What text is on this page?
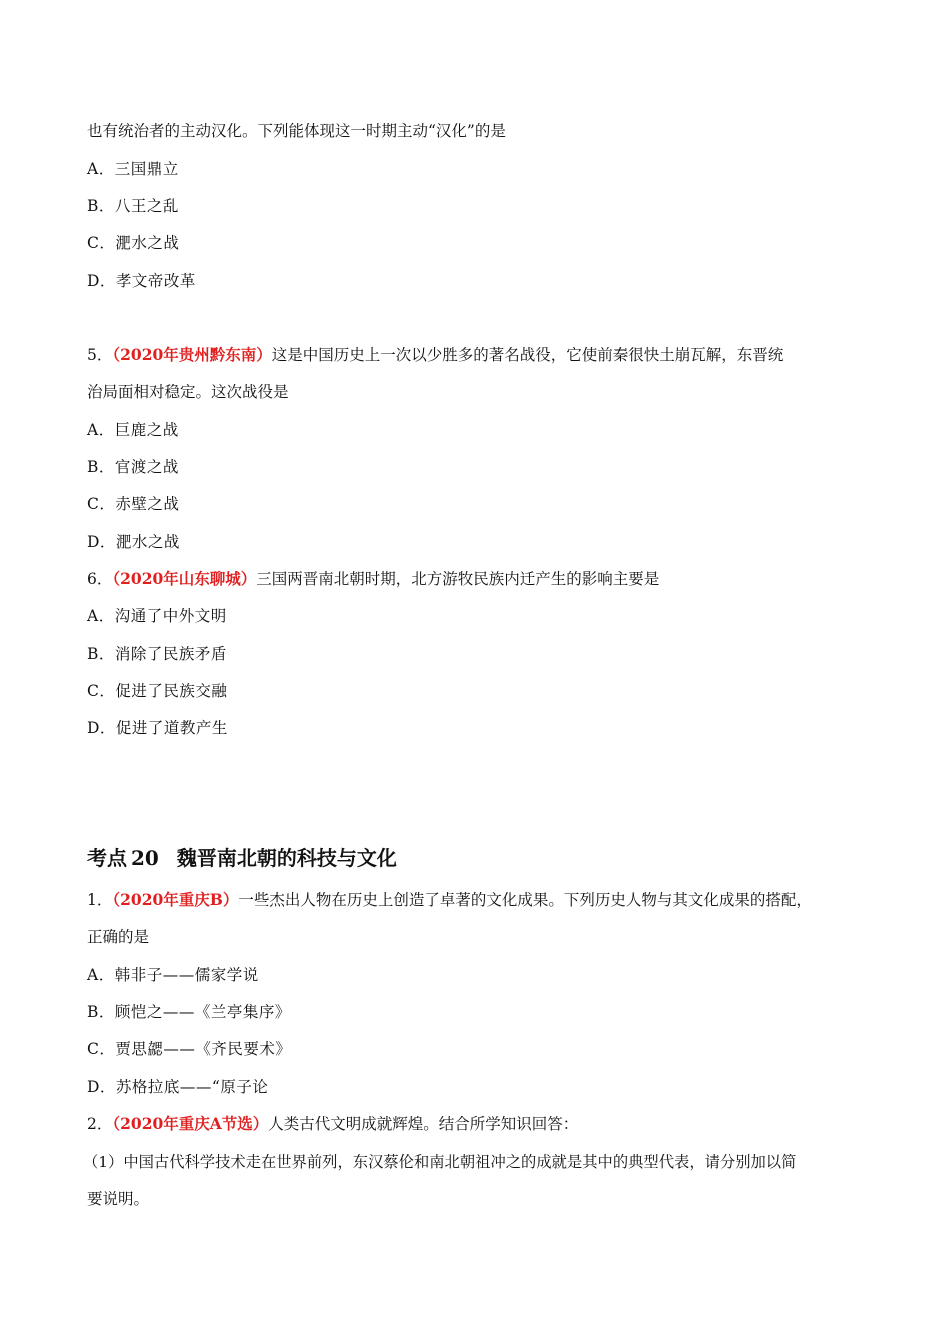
也有统治者的主动汉化。下列能体现这一时期主动“汉化”的是
A．三国鼎立
B．八王之乱
C．淝水之战
D．孝文帝改革
5．（2020年贵州黔东南）这是中国历史上一次以少胜多的著名战役，它使前秦很快土崩瓦解，东晋统
治局面相对稳定。这次战役是
A．巨鹿之战
B．官渡之战
C．赤壁之战
D．淝水之战
6．（2020年山东聊城）三国两晋南北朝时期，北方游牧民族内迁产生的影响主要是
A．沟通了中外文明
B．消除了民族矛盾
C．促进了民族交融
D．促进了道教产生
考点 20 魏晋南北朝的科技与文化
1．（2020年重庆B）一些杰出人物在历史上创造了卓著的文化成果。下列历史人物与其文化成果的搭配，
正确的是
A．韩非子——儒家学说
B．顾恺之——《兰亭集序》
C．贾思勰——《齐民要术》
D．苏格拉底——“原子论
2．（2020年重庆A节选）人类古代文明成就辉煌。结合所学知识回答：
（1）中国古代科学技术走在世界前列，东汉蔡伦和南北朝祖冲之的成就是其中的典型代表，请分别加以简
要说明。
